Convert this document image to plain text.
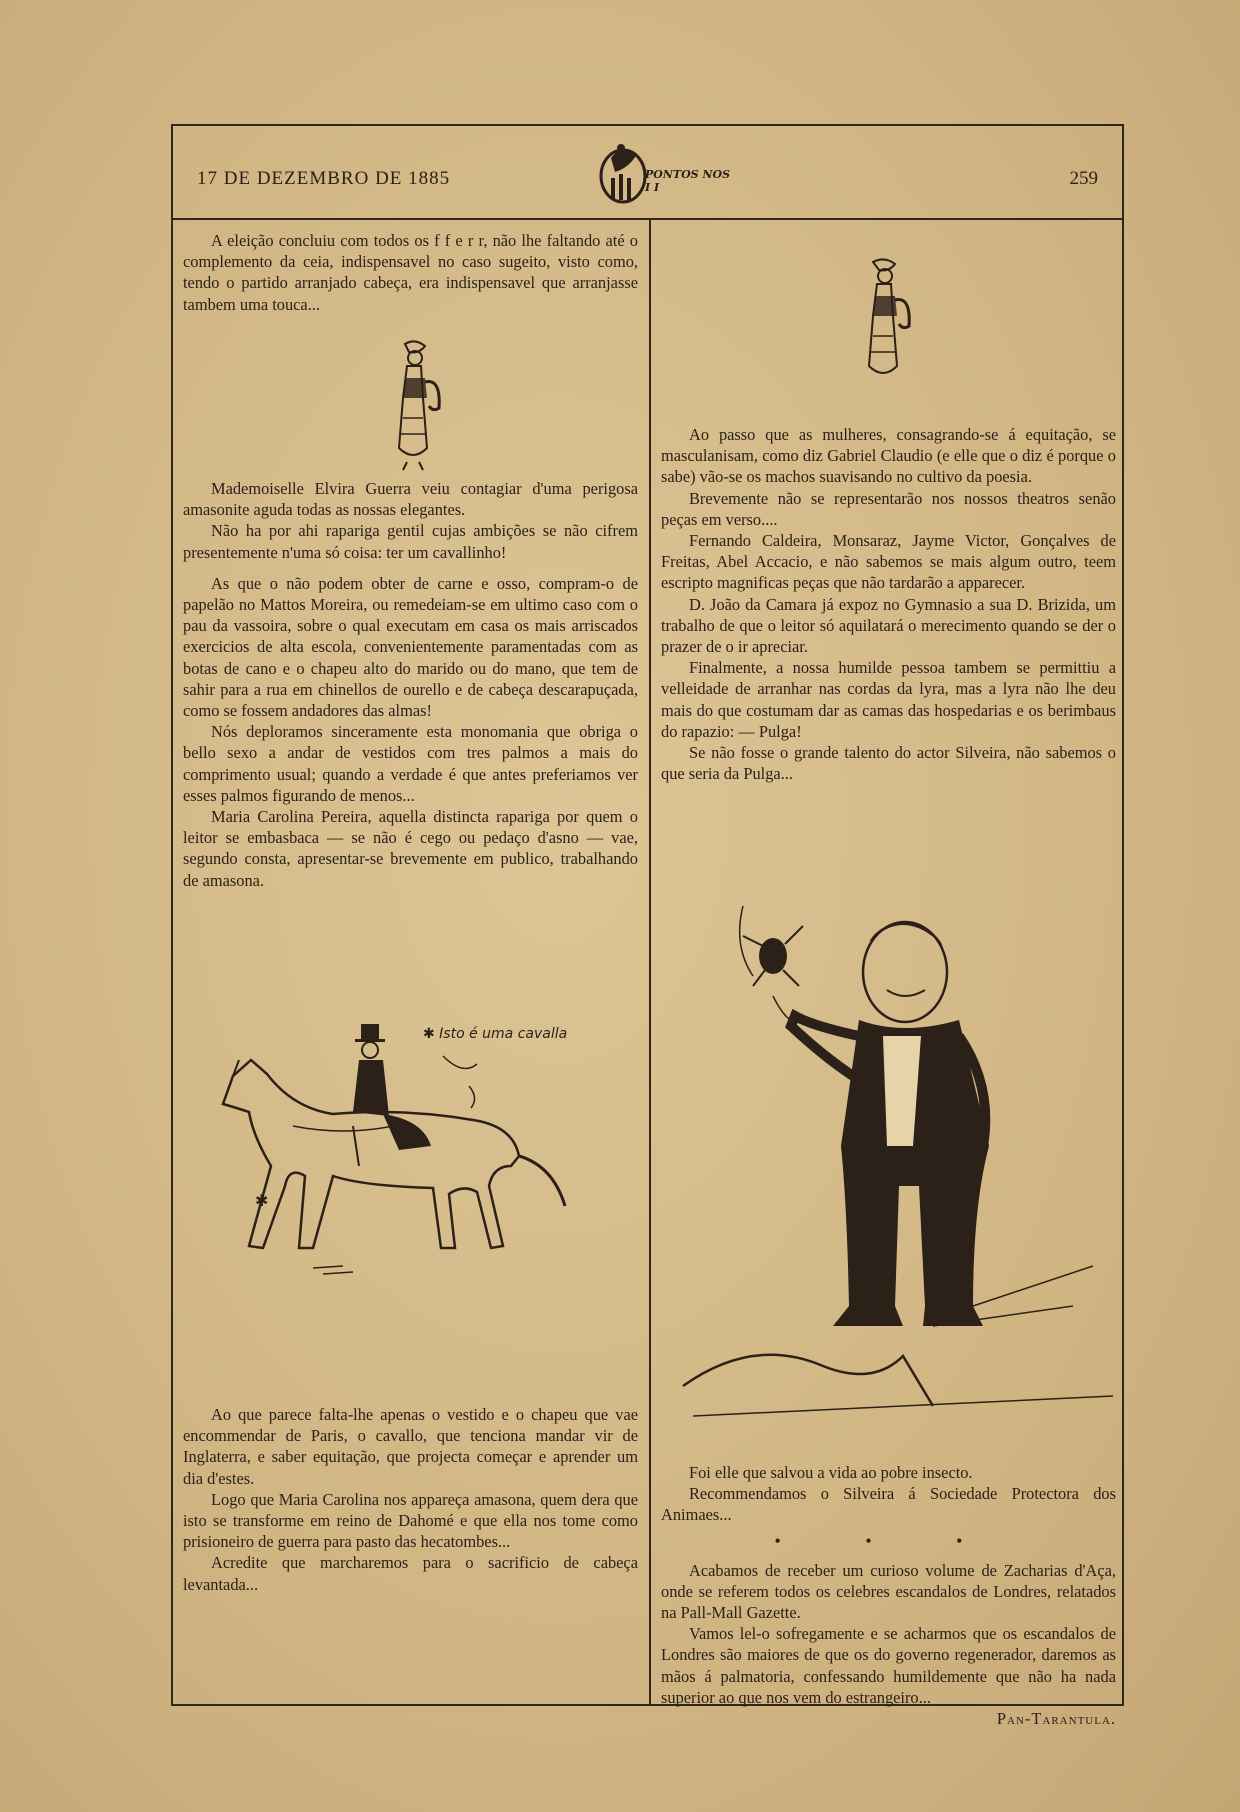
17 DE DEZEMBRO DE 1885	PONTOS NOS I I	259

A eleição concluiu com todos os f f e r r, não lhe faltando até o complemento da ceia, indispensavel no caso sugeito, visto como, tendo o partido arranjado cabeça, era indispensavel que arranjasse tambem uma touca...

Mademoiselle Elvira Guerra veiu contagiar d'uma perigosa amasonite aguda todas as nossas elegantes.

Não ha por ahi rapariga gentil cujas ambições se não cifrem presentemente n'uma só coisa: ter um cavallinho!

As que o não podem obter de carne e osso, compram-o de papelão no Mattos Moreira, ou remedeiam-se em ultimo caso com o pau da vassoira, sobre o qual executam em casa os mais arriscados exercicios de alta escola, convenientemente paramentadas com as botas de cano e o chapeu alto do marido ou do mano, que tem de sahir para a rua em chinellos de ourello e de cabeça descarapuçada, como se fossem andadores das almas!

Nós deploramos sinceramente esta monomania que obriga o bello sexo a andar de vestidos com tres palmos a mais do comprimento usual; quando a verdade é que antes preferiamos ver esses palmos figurando de menos...

Maria Carolina Pereira, aquella distincta rapariga por quem o leitor se embasbaca — se não é cego ou pedaço d'asno — vae, segundo consta, apresentar-se brevemente em publico, trabalhando de amasona.

✱ Isto é uma cavalla
✱

Ao que parece falta-lhe apenas o vestido e o chapeu que vae encommendar de Paris, o cavallo, que tenciona mandar vir de Inglaterra, e saber equitação, que projecta começar e aprender um dia d'estes.

Logo que Maria Carolina nos appareça amasona, quem dera que isto se transforme em reino de Dahomé e que ella nos tome como prisioneiro de guerra para pasto das hecatombes...

Acredite que marcharemos para o sacrificio de cabeça levantada...

Ao passo que as mulheres, consagrando-se á equitação, se masculanisam, como diz Gabriel Claudio (e elle que o diz é porque o sabe) vão-se os machos suavisando no cultivo da poesia.

Brevemente não se representarão nos nossos theatros senão peças em verso....

Fernando Caldeira, Monsaraz, Jayme Victor, Gonçalves de Freitas, Abel Accacio, e não sabemos se mais algum outro, teem escripto magnificas peças que não tardarão a apparecer.

D. João da Camara já expoz no Gymnasio a sua D. Brizida, um trabalho de que o leitor só aquilatará o merecimento quando se der o prazer de o ir apreciar.

Finalmente, a nossa humilde pessoa tambem se permittiu a velleidade de arranhar nas cordas da lyra, mas a lyra não lhe deu mais do que costumam dar as camas das hospedarias e os berimbaus do rapazio: — Pulga!

Se não fosse o grande talento do actor Silveira, não sabemos o que seria da Pulga...

Foi elle que salvou a vida ao pobre insecto.

Recommendamos o Silveira á Sociedade Protectora dos Animaes...

• • •

Acabamos de receber um curioso volume de Zacharias d'Aça, onde se referem todos os celebres escandalos de Londres, relatados na Pall-Mall Gazette.

Vamos lel-o sofregamente e se acharmos que os escandalos de Londres são maiores de que os do governo regenerador, daremos as mãos á palmatoria, confessando humildemente que não ha nada superior ao que nos vem do estrangeiro...

Pan-Tarantula.
